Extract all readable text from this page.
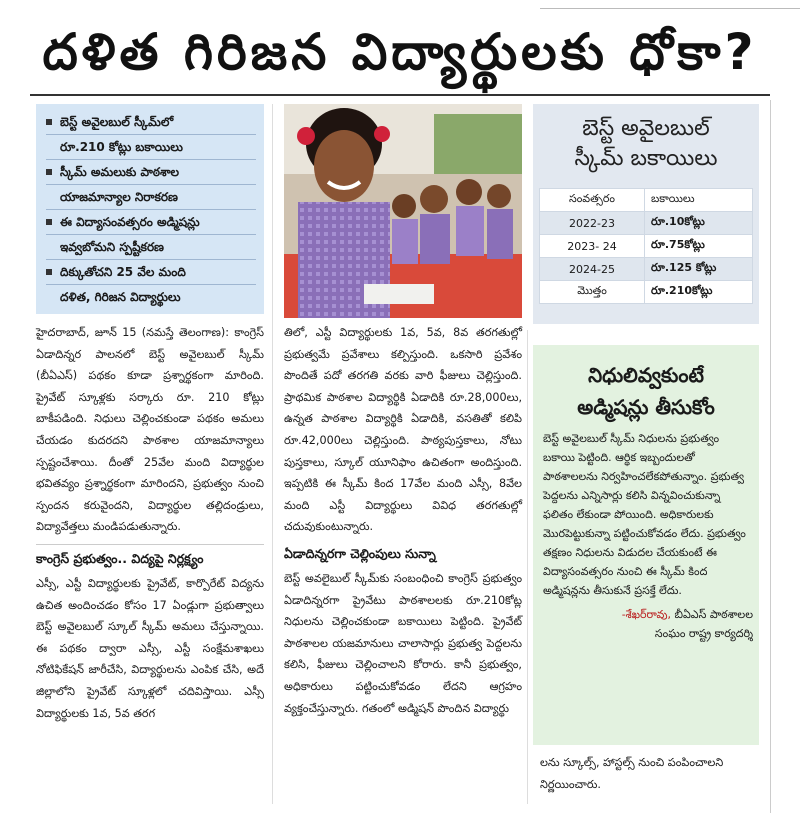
దళిత గిరిజన విద్యార్థులకు ధోకా?
బెస్ట్ అవైలబుల్ స్కీమ్‌లో
రూ.210 కోట్లు బకాయిలు
స్కీమ్ అమలుకు పాఠశాల
యాజమాన్యాల నిరాకరణ
ఈ విద్యాసంవత్సరం అడ్మిషన్లు
ఇవ్వబోమని స్పష్టీకరణ
దిక్కుతోచని 25 వేల మంది
దళిత, గిరిజన విద్యార్థులు
బెస్ట్ అవైలబుల్
స్కీమ్ బకాయిలు
సంవత్సరం	బకాయిలు
2022-23	రూ.10కోట్లు
2023- 24	రూ.75కోట్లు
2024-25	రూ.125 కోట్లు
మొత్తం	రూ.210కోట్లు
నిధులివ్వకుంటే
అడ్మిషన్లు తీసుకోం
బెస్ట్ అవైలబుల్ స్కీమ్ నిధులను ప్రభుత్వం బకాయి పెట్టింది. ఆర్థిక ఇబ్బందులతో పాఠశాలలను నిర్వహించలేకపోతున్నాం. ప్రభుత్వ పెద్దలను ఎన్నిసార్లు కలిసి విన్నవించుకున్నా ఫలితం లేకుండా పోయింది. అధికారులకు మొరపెట్టుకున్నా పట్టించుకోవడం లేదు. ప్రభుత్వం తక్షణం నిధులను విడుదల చేయకుంటే ఈ విద్యాసంవత్సరం నుంచి ఈ స్కీమ్ కింద అడ్మిషన్లను తీసుకునే ప్రసక్తే లేదు.
-శేఖర్‌రావు, బీఏఎస్ పాఠశాలల
సంఘం రాష్ట్ర కార్యదర్శి

హైదరాబాద్, జూన్ 15 (నమస్తే తెలంగాణ): కాంగ్రెస్ ఏడాదిన్నర పాలనలో బెస్ట్ అవైలబుల్ స్కీమ్ (బీఏఎస్) పథకం కూడా ప్రశ్నార్థకంగా మారింది. ప్రైవేట్ స్కూళ్లకు సర్కారు రూ. 210 కోట్లు బాకీపడింది. నిధులు చెల్లించకుండా పథకం అమలు చేయడం కుదరదని పాఠశాల యాజమాన్యాలు స్పష్టంచేశాయి. దీంతో 25వేల మంది విద్యార్థుల భవితవ్యం ప్రశ్నార్థకంగా మారిందని, ప్రభుత్వం నుంచి స్పందన కరువైందని, విద్యార్థుల తల్లిదండ్రులు, విద్యావేత్తలు మండిపడుతున్నారు.

కాంగ్రెస్ ప్రభుత్వం.. విద్యపై నిర్లక్ష్యం

ఎస్సీ, ఎస్టీ విద్యార్థులకు ప్రైవేట్, కార్పొరేట్ విద్యను ఉచిత అందించడం కోసం 17 ఏండ్లుగా ప్రభుత్వాలు బెస్ట్ అవైలబుల్ స్కూల్ స్కీమ్ అమలు చేస్తున్నాయి. ఈ పథకం ద్వారా ఎస్సీ, ఎస్టీ సంక్షేమశాఖలు నోటిఫికేషన్ జారీచేసి, విద్యార్థులను ఎంపిక చేసి, అదే జిల్లాలోని ప్రైవేట్ స్కూళ్లలో చదివిస్తాయి. ఎస్సీ విద్యార్థులకు 1వ, 5వ తరగ

తిలో, ఎస్టీ విద్యార్థులకు 1వ, 5వ, 8వ తరగతుల్లో ప్రభుత్వమే ప్రవేశాలు కల్పిస్తుంది. ఒకసారి ప్రవేశం పొందితే పదో తరగతి వరకు వారి ఫీజులు చెల్లిస్తుంది. ప్రాథమిక పాఠశాల విద్యార్థికి ఏడాదికి రూ.28,000లు, ఉన్నత పాఠశాల విద్యార్థికి ఏడాదికి, వసతితో కలిపి రూ.42,000లు చెల్లిస్తుంది. పాఠ్యపుస్తకాలు, నోటు పుస్తకాలు, స్కూల్ యూనిఫాం ఉచితంగా అందిస్తుంది. ఇప్పటికి ఈ స్కీమ్ కింద 17వేల మంది ఎస్సీ, 8వేల మంది ఎస్టీ విద్యార్థులు వివిధ తరగతుల్లో చదువుకుంటున్నారు.

ఏడాదిన్నరగా చెల్లింపులు సున్నా

బెస్ట్ అవలైబుల్ స్కీమ్‌కు సంబంధించి కాంగ్రెస్ ప్రభుత్వం ఏడాదిన్నరగా ప్రైవేటు పాఠశాలలకు రూ.210కోట్ల నిధులను చెల్లించకుండా బకాయిలు పెట్టింది. ప్రైవేట్ పాఠశాలల యజమానులు చాలాసార్లు ప్రభుత్వ పెద్దలను కలిసి, ఫీజులు చెల్లించాలని కోరారు. కానీ ప్రభుత్వం, అధికారులు పట్టించుకోవడం లేదని ఆగ్రహం వ్యక్తంచేస్తున్నారు. గతంలో అడ్మిషన్ పొందిన విద్యార్థు

లను స్కూల్స్, హాస్టల్స్ నుంచి పంపించాలని నిర్ణయించారు.
